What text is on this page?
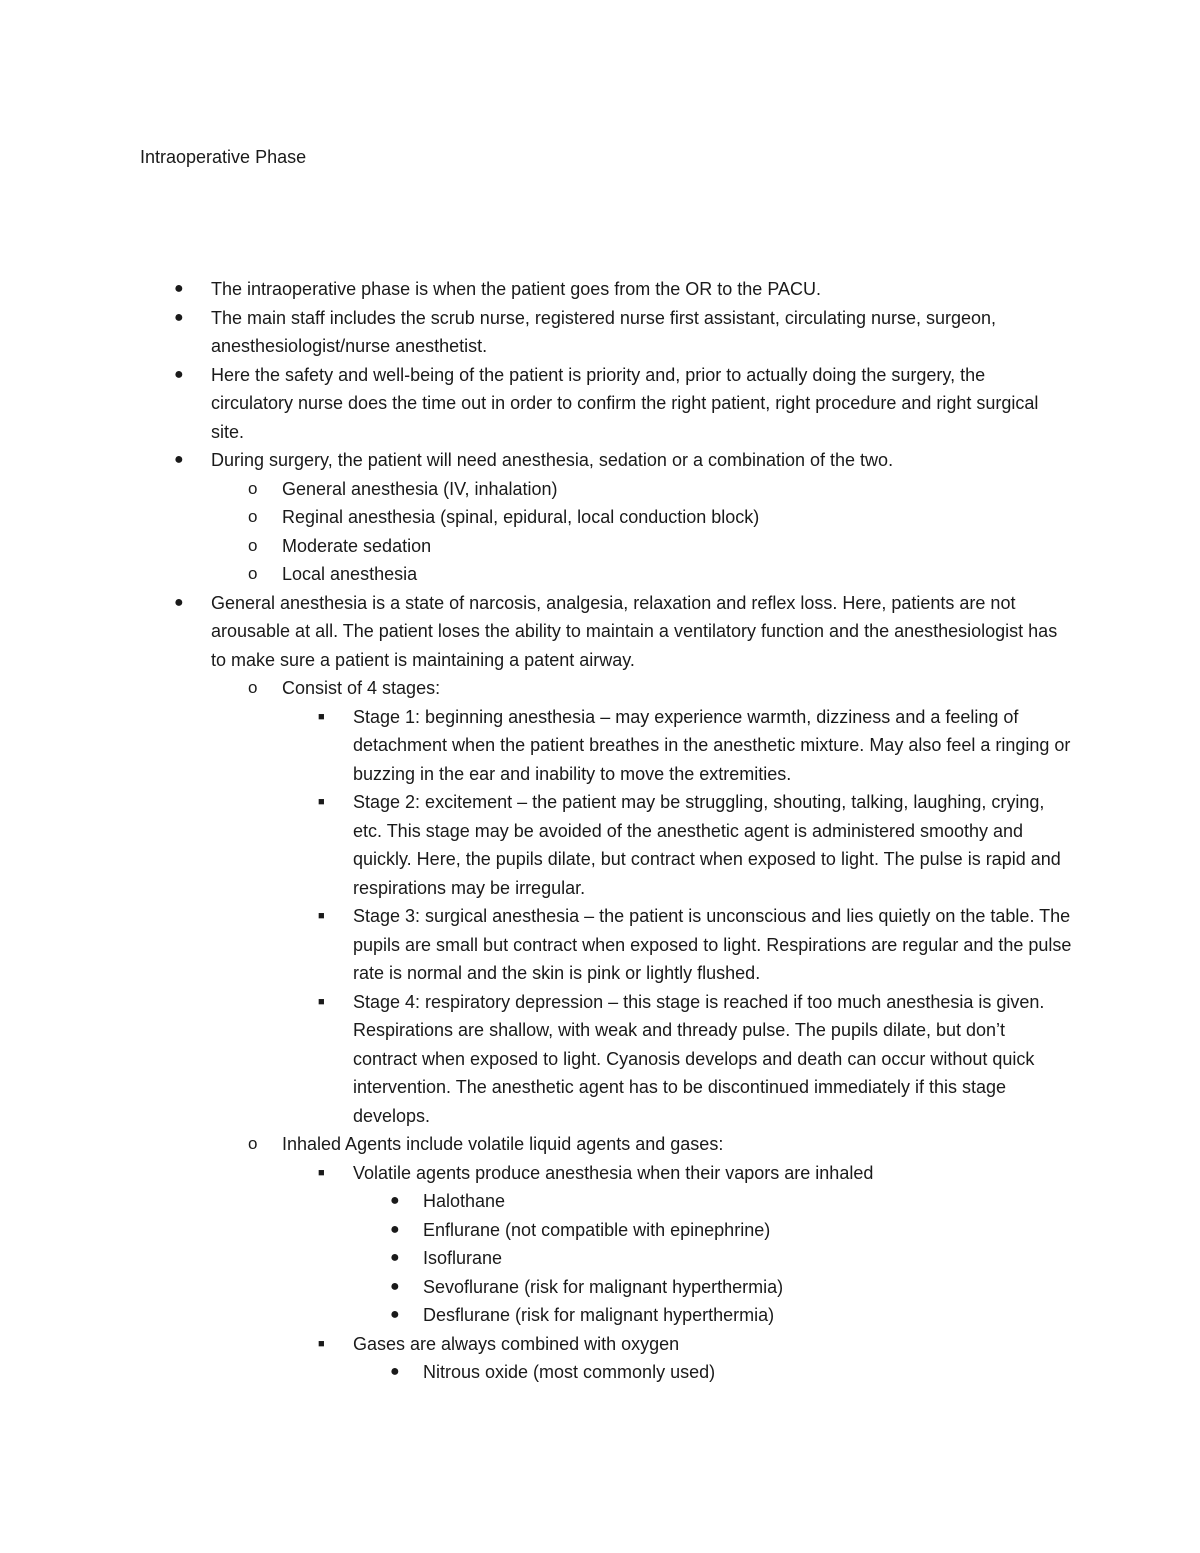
Intraoperative Phase
● The intraoperative phase is when the patient goes from the OR to the PACU.
● The main staff includes the scrub nurse, registered nurse first assistant, circulating nurse, surgeon, anesthesiologist/nurse anesthetist.
● Here the safety and well-being of the patient is priority and, prior to actually doing the surgery, the circulatory nurse does the time out in order to confirm the right patient, right procedure and right surgical site.
● During surgery, the patient will need anesthesia, sedation or a combination of the two.
o General anesthesia (IV, inhalation)
o Reginal anesthesia (spinal, epidural, local conduction block)
o Moderate sedation
o Local anesthesia
● General anesthesia is a state of narcosis, analgesia, relaxation and reflex loss. Here, patients are not arousable at all. The patient loses the ability to maintain a ventilatory function and the anesthesiologist has to make sure a patient is maintaining a patent airway.
o Consist of 4 stages:
■ Stage 1: beginning anesthesia – may experience warmth, dizziness and a feeling of detachment when the patient breathes in the anesthetic mixture. May also feel a ringing or buzzing in the ear and inability to move the extremities.
■ Stage 2: excitement – the patient may be struggling, shouting, talking, laughing, crying, etc. This stage may be avoided of the anesthetic agent is administered smoothy and quickly. Here, the pupils dilate, but contract when exposed to light. The pulse is rapid and respirations may be irregular.
■ Stage 3: surgical anesthesia – the patient is unconscious and lies quietly on the table. The pupils are small but contract when exposed to light. Respirations are regular and the pulse rate is normal and the skin is pink or lightly flushed.
■ Stage 4: respiratory depression – this stage is reached if too much anesthesia is given. Respirations are shallow, with weak and thready pulse. The pupils dilate, but don’t contract when exposed to light. Cyanosis develops and death can occur without quick intervention. The anesthetic agent has to be discontinued immediately if this stage develops.
o Inhaled Agents include volatile liquid agents and gases:
■ Volatile agents produce anesthesia when their vapors are inhaled
● Halothane
● Enflurane (not compatible with epinephrine)
● Isoflurane
● Sevoflurane (risk for malignant hyperthermia)
● Desflurane (risk for malignant hyperthermia)
■ Gases are always combined with oxygen
● Nitrous oxide (most commonly used)
